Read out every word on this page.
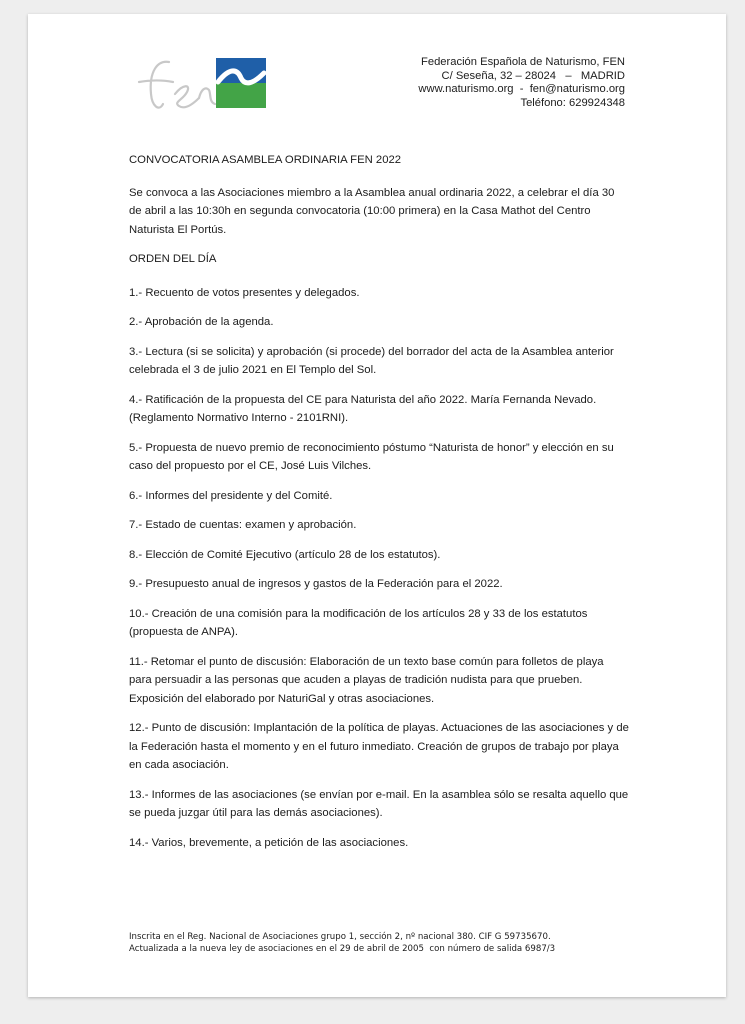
Federación Española de Naturismo, FEN
C/ Seseña, 32 – 28024   –   MADRID
www.naturismo.org  -  fen@naturismo.org
Teléfono: 629924348

CONVOCATORIA ASAMBLEA ORDINARIA FEN 2022

Se convoca a las Asociaciones miembro a la Asamblea anual ordinaria 2022, a celebrar el día 30 de abril a las 10:30h en segunda convocatoria (10:00 primera) en la Casa Mathot del Centro Naturista El Portús.

ORDEN DEL DÍA

1.- Recuento de votos presentes y delegados.

2.- Aprobación de la agenda.

3.- Lectura (si se solicita) y aprobación (si procede) del borrador del acta de la Asamblea anterior celebrada el 3 de julio 2021 en El Templo del Sol.

4.- Ratificación de la propuesta del CE para Naturista del año 2022. María Fernanda Nevado. (Reglamento Normativo Interno - 2101RNI).

5.- Propuesta de nuevo premio de reconocimiento póstumo “Naturista de honor” y elección en su caso del propuesto por el CE, José Luis Vilches.

6.- Informes del presidente y del Comité.

7.- Estado de cuentas: examen y aprobación.

8.- Elección de Comité Ejecutivo (artículo 28 de los estatutos).

9.- Presupuesto anual de ingresos y gastos de la Federación para el 2022.

10.- Creación de una comisión para la modificación de los artículos 28 y 33 de los estatutos (propuesta de ANPA).

11.- Retomar el punto de discusión: Elaboración de un texto base común para folletos de playa para persuadir a las personas que acuden a playas de tradición nudista para que prueben. Exposición del elaborado por NaturiGal y otras asociaciones.

12.- Punto de discusión: Implantación de la política de playas. Actuaciones de las asociaciones y de la Federación hasta el momento y en el futuro inmediato. Creación de grupos de trabajo por playa en cada asociación.

13.- Informes de las asociaciones (se envían por e-mail. En la asamblea sólo se resalta aquello que se pueda juzgar útil para las demás asociaciones).

14.- Varios, brevemente, a petición de las asociaciones.

Inscrita en el Reg. Nacional de Asociaciones grupo 1, sección 2, nº nacional 380. CIF G 59735670.
Actualizada a la nueva ley de asociaciones en el 29 de abril de 2005  con número de salida 6987/3
